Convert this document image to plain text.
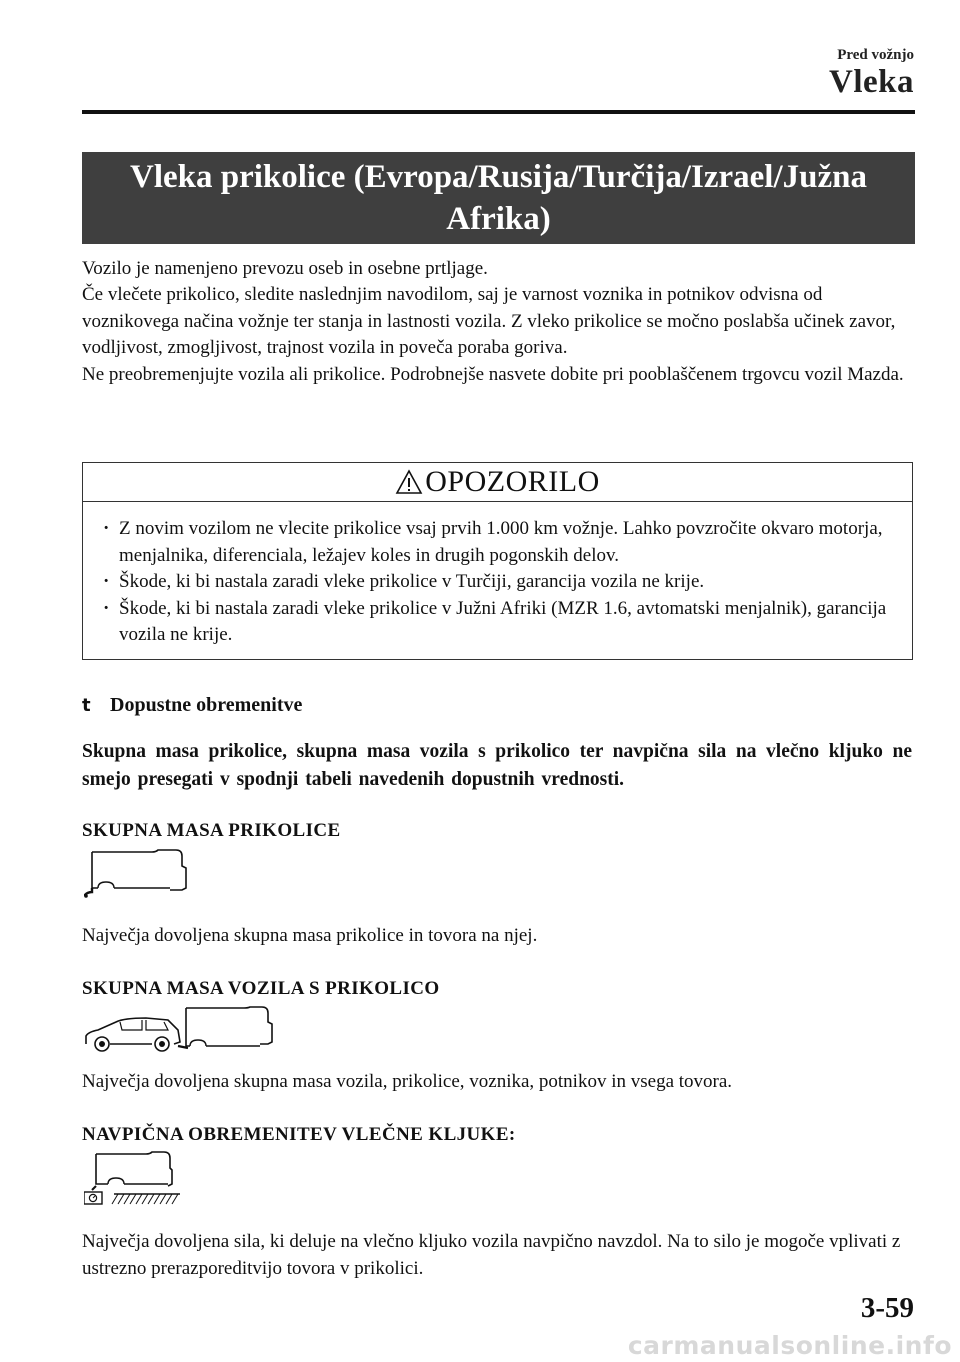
Pred vožnjo
Vleka
Vleka prikolice (Evropa/Rusija/Turčija/Izrael/Južna
Afrika)

Vozilo je namenjeno prevozu oseb in osebne prtljage.

Če vlečete prikolico, sledite naslednjim navodilom, saj je varnost voznika in potnikov odvisna od voznikovega načina vožnje ter stanja in lastnosti vozila. Z vleko prikolice se močno poslabša učinek zavor, vodljivost, zmogljivost, trajnost vozila in poveča poraba goriva.

Ne preobremenjujte vozila ali prikolice. Podrobnejše nasvete dobite pri pooblaščenem trgovcu vozil Mazda.

OPOZORILO
· Z novim vozilom ne vlecite prikolice vsaj prvih 1.000 km vožnje. Lahko povzročite okvaro motorja, menjalnika, diferenciala, ležajev koles in drugih pogonskih delov.
· Škode, ki bi nastala zaradi vleke prikolice v Turčiji, garancija vozila ne krije.
· Škode, ki bi nastala zaradi vleke prikolice v Južni Afriki (MZR 1.6, avtomatski menjalnik), garancija vozila ne krije.
t Dopustne obremenitve

Skupna masa prikolice, skupna masa vozila s prikolico ter navpična sila na vlečno kljuko ne smejo presegati v spodnji tabeli navedenih dopustnih vrednosti.

SKUPNA MASA PRIKOLICE

Največja dovoljena skupna masa prikolice in tovora na njej.

SKUPNA MASA VOZILA S PRIKOLICO

Največja dovoljena skupna masa vozila, prikolice, voznika, potnikov in vsega tovora.

NAVPIČNA OBREMENITEV VLEČNE KLJUKE:

Največja dovoljena sila, ki deluje na vlečno kljuko vozila navpično navzdol. Na to silo je mogoče vplivati z ustrezno prerazporeditvijo tovora v prikolici.

3-59
carmanualsonline.info
